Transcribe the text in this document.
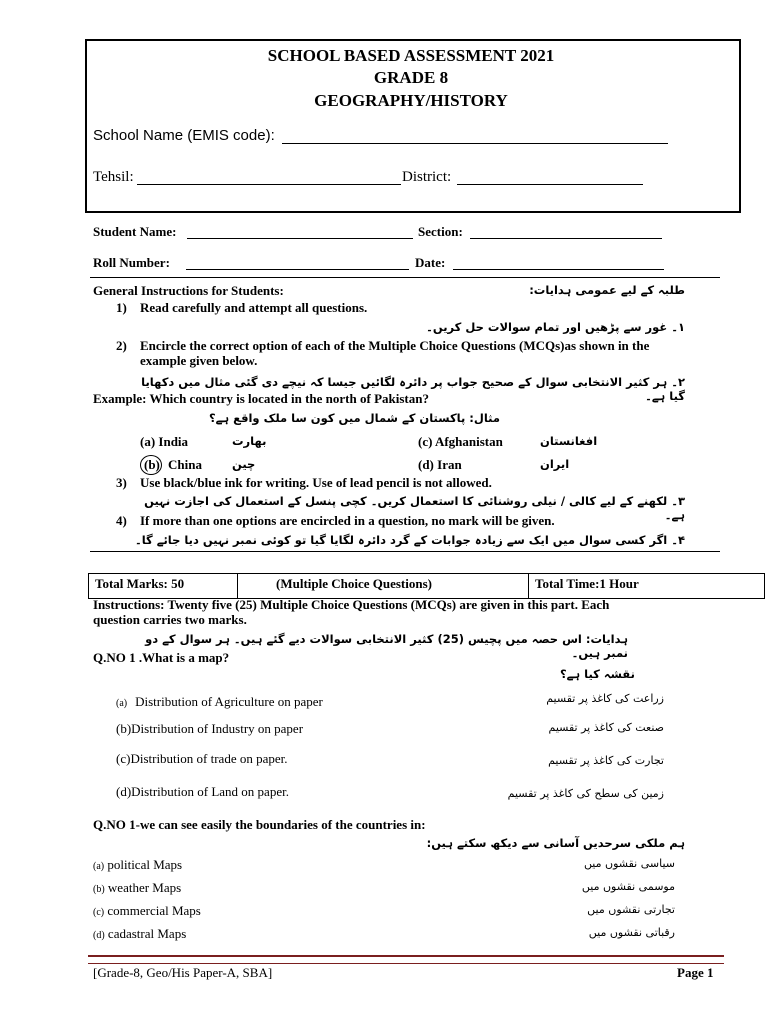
SCHOOL BASED ASSESSMENT 2021
GRADE 8
GEOGRAPHY/HISTORY
School Name (EMIS code):
Tehsil:	District:
Student Name:	Section:
Roll Number:	Date:
General Instructions for Students:	طلبہ کے لیے عمومی ہدایات:
1) Read carefully and attempt all questions.
۱۔ غور سے پڑھیں اور تمام سوالات حل کریں۔
2) Encircle the correct option of each of the Multiple Choice Questions (MCQs)as shown in the
example given below.
۲۔ ہر کثیر الانتخابی سوال کے صحیح جواب پر دائرہ لگائیں جیسا کہ نیچے دی گئی مثال میں دکھایا گیا ہے۔
Example: Which country is located in the north of Pakistan?
مثال: پاکستان کے شمال میں کون سا ملک واقع ہے؟
(a) India	بھارت	(c) Afghanistan	افغانستان
(b) China	چین	(d) Iran	ایران
3) Use black/blue ink for writing. Use of lead pencil is not allowed.
۳۔ لکھنے کے لیے کالی / نیلی روشنائی کا استعمال کریں۔ کچی پنسل کے استعمال کی اجازت نہیں ہے۔
4) If more than one options are encircled in a question, no mark will be given.
۴۔ اگر کسی سوال میں ایک سے زیادہ جوابات کے گرد دائرہ لگایا گیا تو کوئی نمبر نہیں دیا جائے گا۔
Total Marks: 50	(Multiple Choice Questions)	Total Time:1 Hour
Instructions: Twenty five (25) Multiple Choice Questions (MCQs) are given in this part. Each
question carries two marks.
ہدایات: اس حصہ میں پچیس (25) کثیر الانتخابی سوالات دیے گئے ہیں۔ ہر سوال کے دو نمبر ہیں۔
Q.NO 1 .What is a map?
نقشہ کیا ہے؟
(a) Distribution of Agriculture on paper	زراعت کی کاغذ پر تقسیم
(b)Distribution of Industry on paper	صنعت کی کاغذ پر تقسیم
(c)Distribution of trade on paper.	تجارت کی کاغذ پر تقسیم
(d)Distribution of Land on paper.	زمین کی سطح کی کاغذ پر تقسیم
Q.NO 1-we can see easily the boundaries of the countries in:
ہم ملکی سرحدیں آسانی سے دیکھ سکتے ہیں:
(a) political Maps	سیاسی نقشوں میں
(b) weather Maps	موسمی نقشوں میں
(c) commercial Maps	تجارتی نقشوں میں
(d) cadastral Maps	رقباتی نقشوں میں
[Grade-8, Geo/His Paper-A, SBA]	Page 1
